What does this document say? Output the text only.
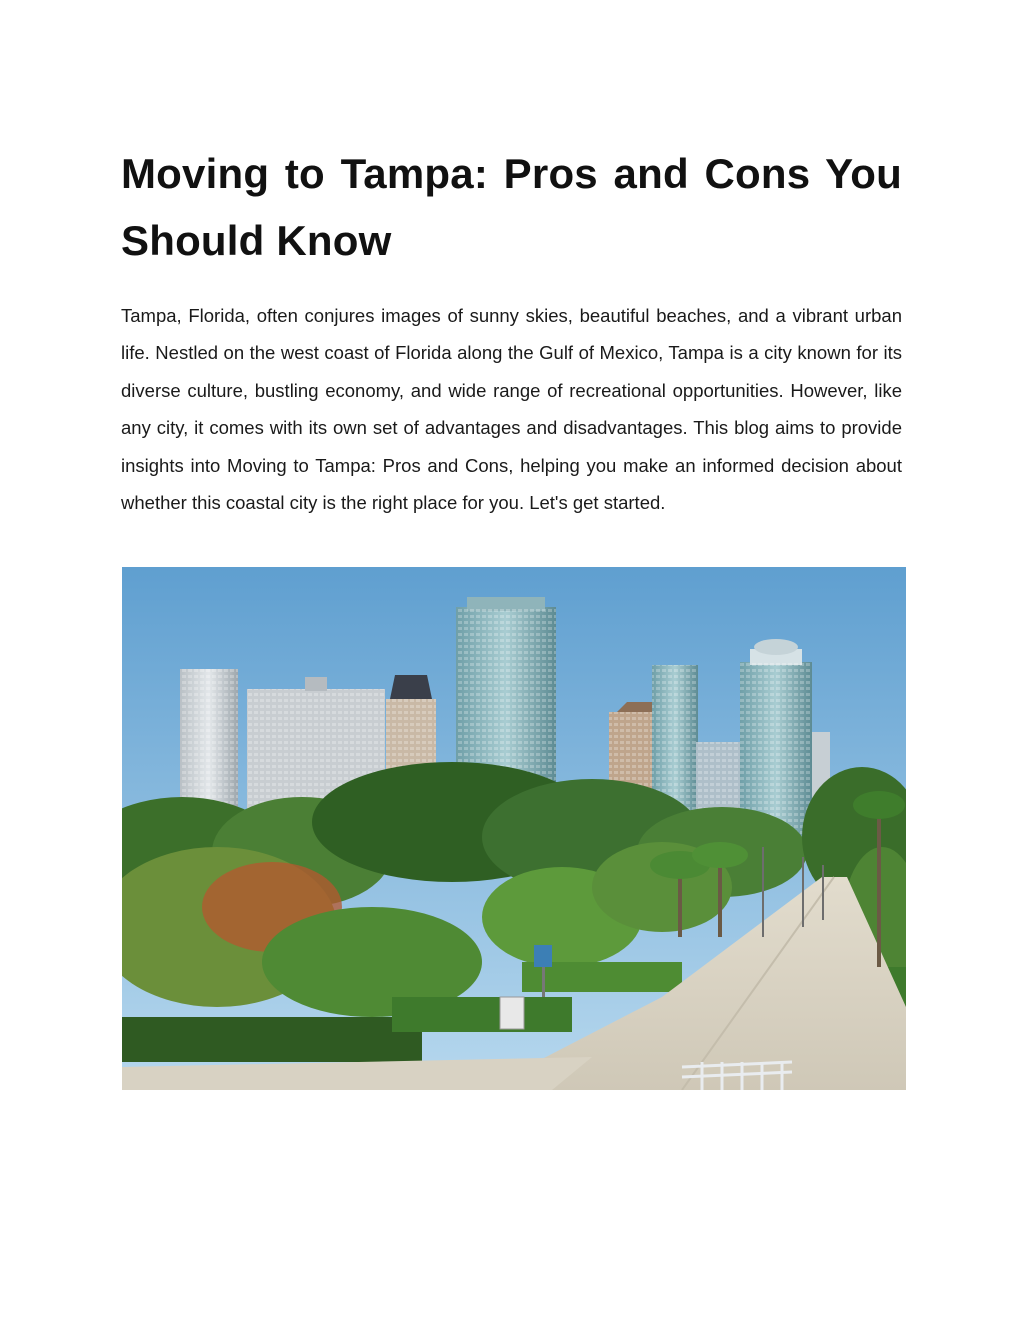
Moving to Tampa: Pros and Cons You Should Know

Tampa, Florida, often conjures images of sunny skies, beautiful beaches, and a vibrant urban life. Nestled on the west coast of Florida along the Gulf of Mexico, Tampa is a city known for its diverse culture, bustling economy, and wide range of recreational opportunities. However, like any city, it comes with its own set of advantages and disadvantages. This blog aims to provide insights into Moving to Tampa: Pros and Cons, helping you make an informed decision about whether this coastal city is the right place for you. Let's get started.
